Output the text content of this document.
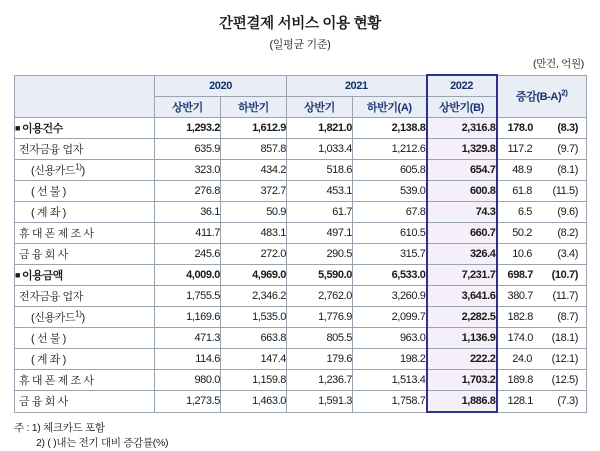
간편결제 서비스 이용 현황
(일평균 기준)
(만건, 억원)
	2020		2021		2022	증감$(B-A)^{2)}$
	상반기	하반기	상반기	하반기(A)	상반기(B)	
■ 이용건수	1,293.2	1,612.9	1,821.0	2,138.8	2,316.8	178.0 (8.3)

전자금융 업자	635.9	857.8	1,033.4	1,212.6	1,329.8	117.2 (9.7)

(신용카드$^{1)}$)	323.0	434.2	518.6	605.8	654.7	48.9 (8.1)

( 선 불 )	276.8	372.7	453.1	539.0	600.8	61.8 (11.5)

( 계 좌 )	36.1	50.9	61.7	67.8	74.3	6.5 (9.6)

휴 대 폰 제 조 사	411.7	483.1	497.1	610.5	660.7	50.2 (8.2)

금 융 회 사	245.6	272.0	290.5	315.7	326.4	10.6 (3.4)

■ 이용금액	4,009.0	4,969.0	5,590.0	6,533.0	7,231.7	698.7 (10.7)

전자금융 업자	1,755.5	2,346.2	2,762.0	3,260.9	3,641.6	380.7 (11.7)

(신용카드$^{1)}$)	1,169.6	1,535.0	1,776.9	2,099.7	2,282.5	182.8 (8.7)

( 선 불 )	471.3	663.8	805.5	963.0	1,136.9	174.0 (18.1)

( 계 좌 )	114.6	147.4	179.6	198.2	222.2	24.0 (12.1)

휴 대 폰 제 조 사	980.0	1,159.8	1,236.7	1,513.4	1,703.2	189.8 (12.5)

금 융 회 사	1,273.5	1,463.0	1,591.3	1,758.7	1,886.8	128.1 (7.3)
주 : 1) 체크카드 포함
2) ( )내는 전기 대비 증감률(%)
